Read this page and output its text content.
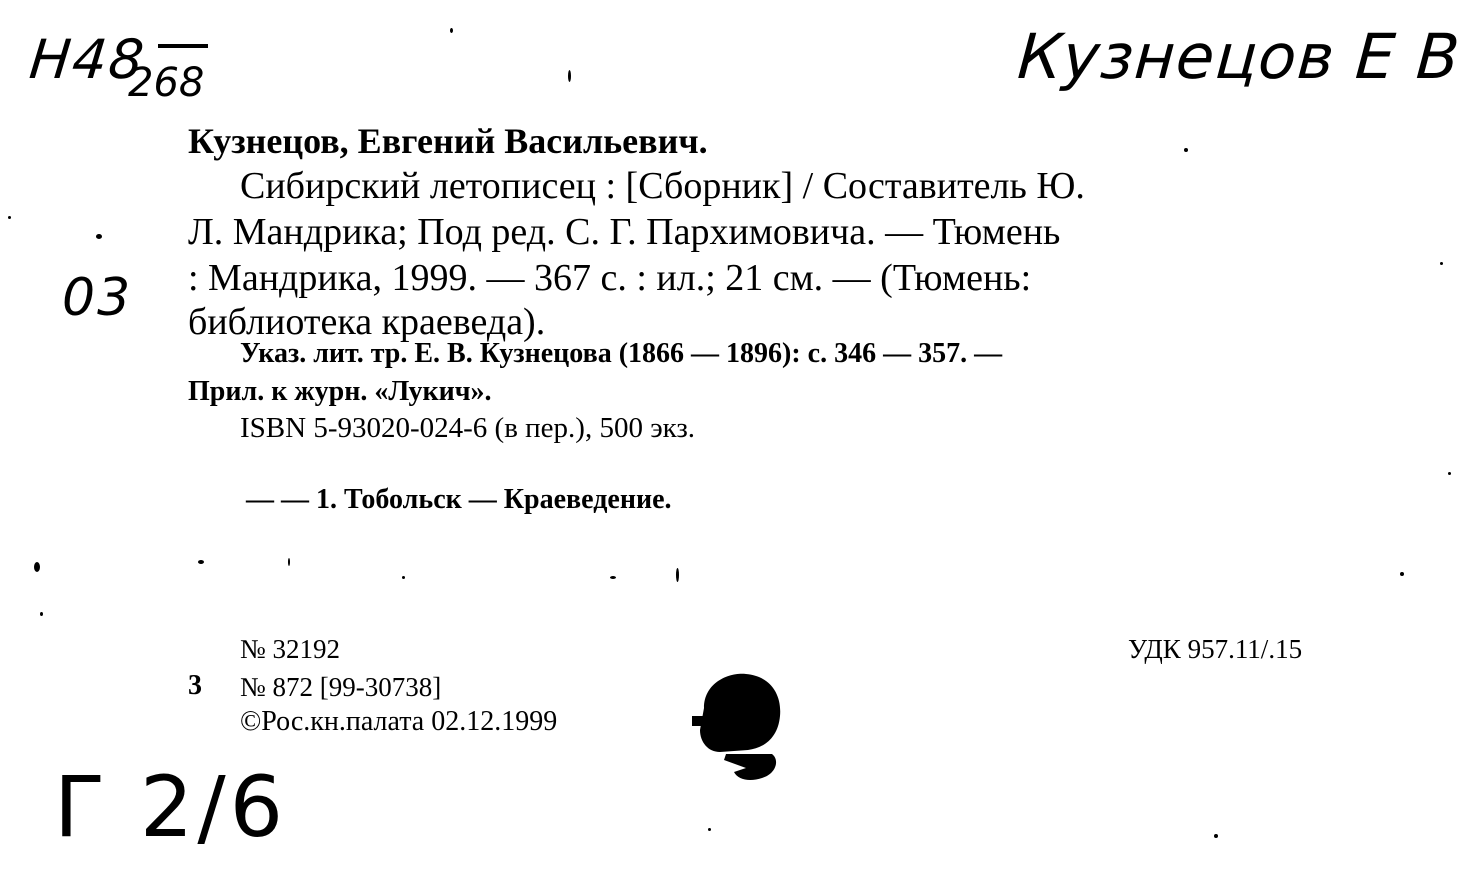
Н48
268	Кузнецов Е В
03
Г 2/6
Кузнецов, Евгений Васильевич.
Сибирский летописец : [Сборник] / Составитель Ю.
Л. Мандрика; Под ред. С. Г. Пархимовича. — Тюмень
: Мандрика, 1999. — 367 с. : ил.; 21 см. — (Тюмень:
библиотека краеведа).
Указ. лит. тр. Е. В. Кузнецова (1866 — 1896): с. 346 — 357. —
Прил. к журн. «Лукич».
ISBN 5-93020-024-6 (в пер.), 500 экз.
— — 1. Тобольск — Краеведение.
№ 32192
3 № 872 [99-30738]
©Рос.кн.палата 02.12.1999
УДК 957.11/.15
